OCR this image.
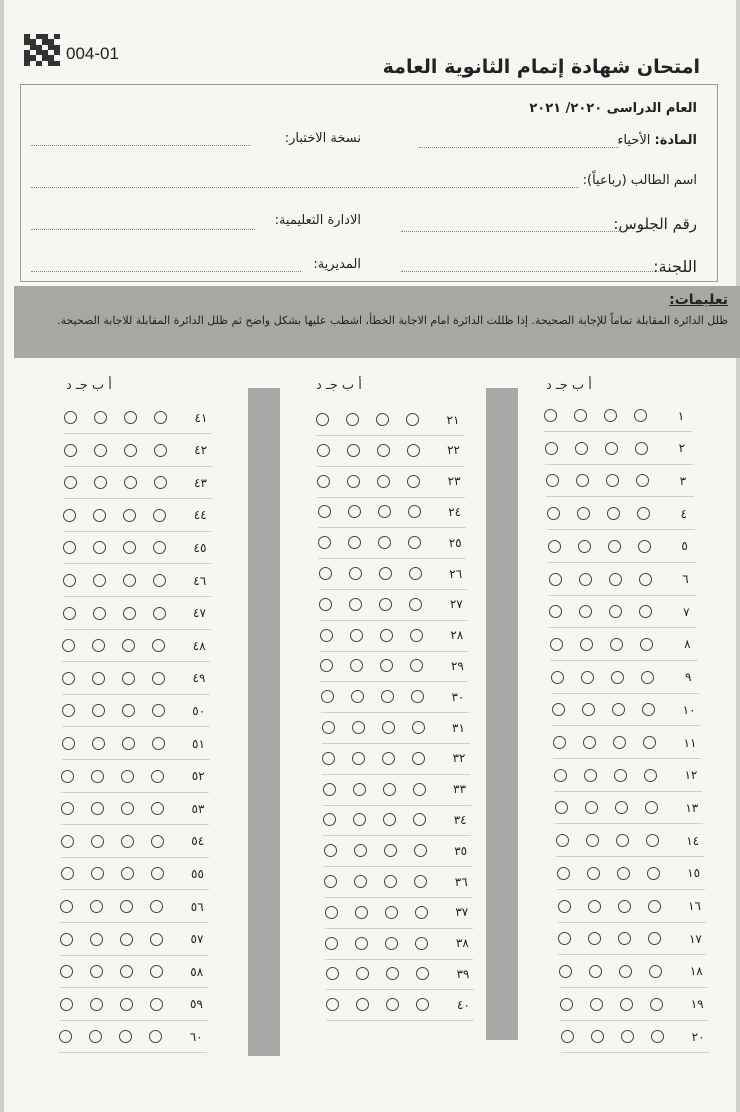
004-01
امتحان شهادة إتمام الثانوية العامة
العام الدراسى ٢٠٢٠/ ٢٠٢١
المادة: الأحياء
نسخة الاختبار:
اسم الطالب (رباعياً):
رقم الجلوس:
الادارة التعليمية:
اللجنة:
المديرية:
تعليمات:
ظلل الدائرة المقابلة تماماً للإجابة الصحيحة. إذا ظللت الدائرة امام الاجابة الخطأ، اشطب عليها بشكل واضح ثم ظلل الدائرة المقابلة للاجابة الصحيحة.
أ ب جـ د	أ ب جـ د	أ ب جـ د
٤١
٤٢
٤٣
٤٤
٤٥
٤٦
٤٧
٤٨
٤٩
٥٠
٥١
٥٢
٥٣
٥٤
٥٥
٥٦
٥٧
٥٨
٥٩
٦٠
٢١
٢٢
٢٣
٢٤
٢٥
٢٦
٢٧
٢٨
٢٩
٣٠
٣١
٣٢
٣٣
٣٤
٣٥
٣٦
٣٧
٣٨
٣٩
٤٠
١
٢
٣
٤
٥
٦
٧
٨
٩
١٠
١١
١٢
١٣
١٤
١٥
١٦
١٧
١٨
١٩
٢٠
